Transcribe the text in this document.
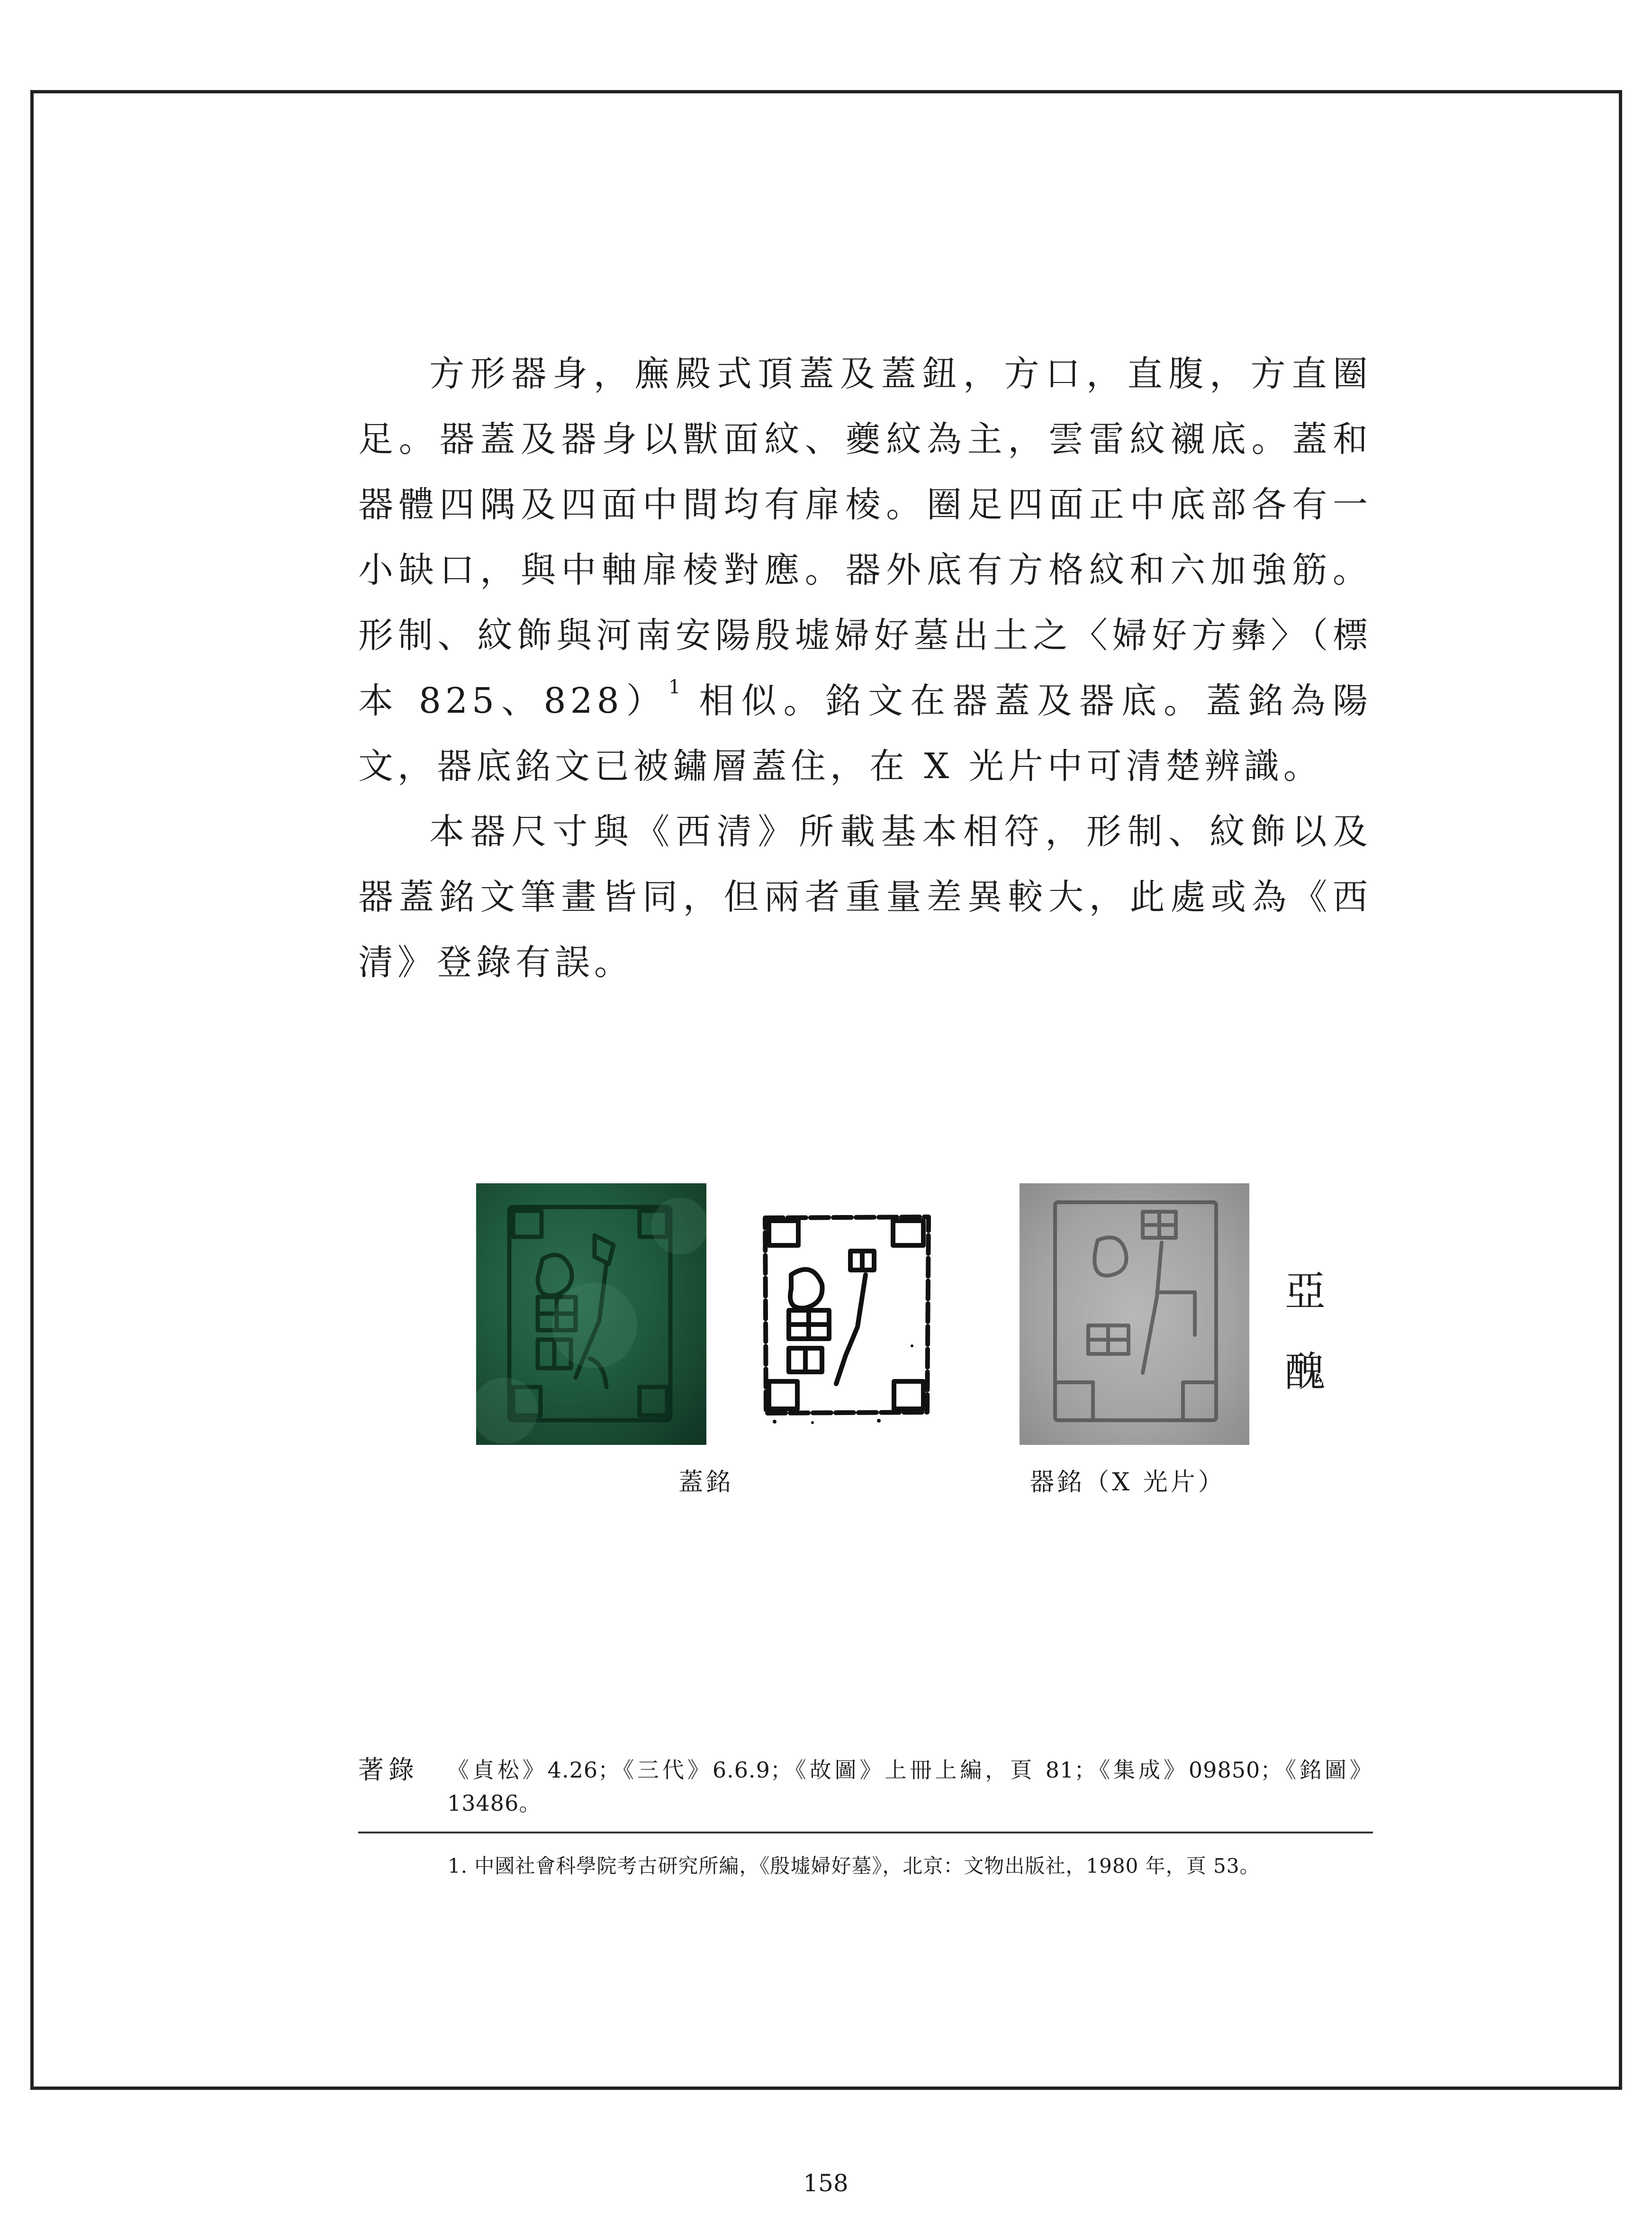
方形器身，廡殿式頂蓋及蓋鈕，方口，直腹，方直圈足。器蓋及器身以獸面紋、夔紋為主，雲雷紋襯底。蓋和器體四隅及四面中間均有扉棱。圈足四面正中底部各有一小缺口，與中軸扉棱對應。器外底有方格紋和六加強筋。形制、紋飾與河南安陽殷墟婦好墓出土之〈婦好方彝〉（標本 825、828）$^1$ 相似。銘文在器蓋及器底。蓋銘為陽文，器底銘文已被鏽層蓋住，在 X 光片中可清楚辨識。

本器尺寸與《西清》所載基本相符，形制、紋飾以及器蓋銘文筆畫皆同，但兩者重量差異較大，此處或為《西清》登錄有誤。

亞
醜
蓋銘	器銘（X 光片）
著錄 《貞松》4.26；《三代》6.6.9；《故圖》上冊上編，頁 81；《集成》09850；《銘圖》13486。
1. 中國社會科學院考古研究所編，《殷墟婦好墓》，北京：文物出版社，1980 年，頁 53。
158
